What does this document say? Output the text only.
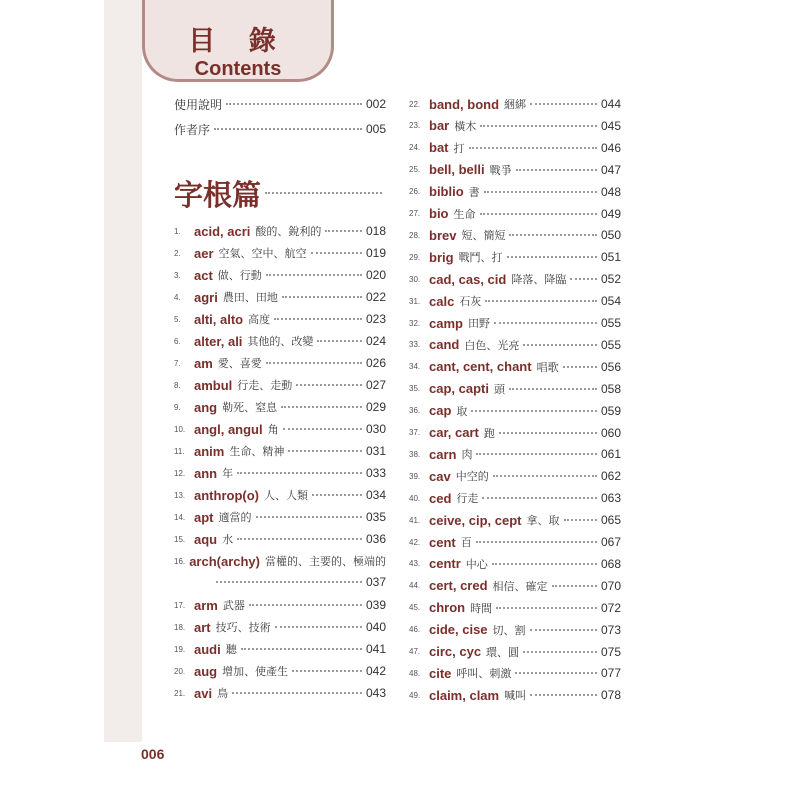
目 錄
Contents
使用說明	002
作者序	005
字根篇
1.	acid, acri 酸的、銳利的	018
2.	aer 空氣、空中、航空	019
3.	act 做、行動	020
4.	agri 農田、田地	022
5.	alti, alto 高度	023
6.	alter, ali 其他的、改變	024
7.	am 愛、喜愛	026
8.	ambul 行走、走動	027
9.	ang 勒死、窒息	029
10. angl, angul 角	030
11. anim 生命、精神	031
12. ann 年	033
13. anthrop(o) 人、人類	034
14. apt 適當的	035
15. aqu 水	036
16. arch(archy) 當權的、主要的、極端的
037
17. arm 武器	039
18. art 技巧、技術	040
19. audi 聽	041
20. aug 增加、使產生	042
21. avi 鳥	043
22. band, bond 綑綁	044
23. bar 橫木	045
24. bat 打	046
25. bell, belli 戰爭	047
26. biblio 書	048
27. bio 生命	049
28. brev 短、簡短	050
29. brig 戰鬥、打	051
30. cad, cas, cid 降落、降臨	052
31. calc 石灰	054
32. camp 田野	055
33. cand 白色、光亮	055
34. cant, cent, chant 唱歌	056
35. cap, capti 頭	058
36. cap 取	059
37. car, cart 跑	060
38. carn 肉	061
39. cav 中空的	062
40. ced 行走	063
41. ceive, cip, cept 拿、取	065
42. cent 百	067
43. centr 中心	068
44. cert, cred 相信、確定	070
45. chron 時間	072
46. cide, cise 切、割	073
47. circ, cyc 環、圓	075
48. cite 呼叫、刺激	077
49. claim, clam 喊叫	078
006
